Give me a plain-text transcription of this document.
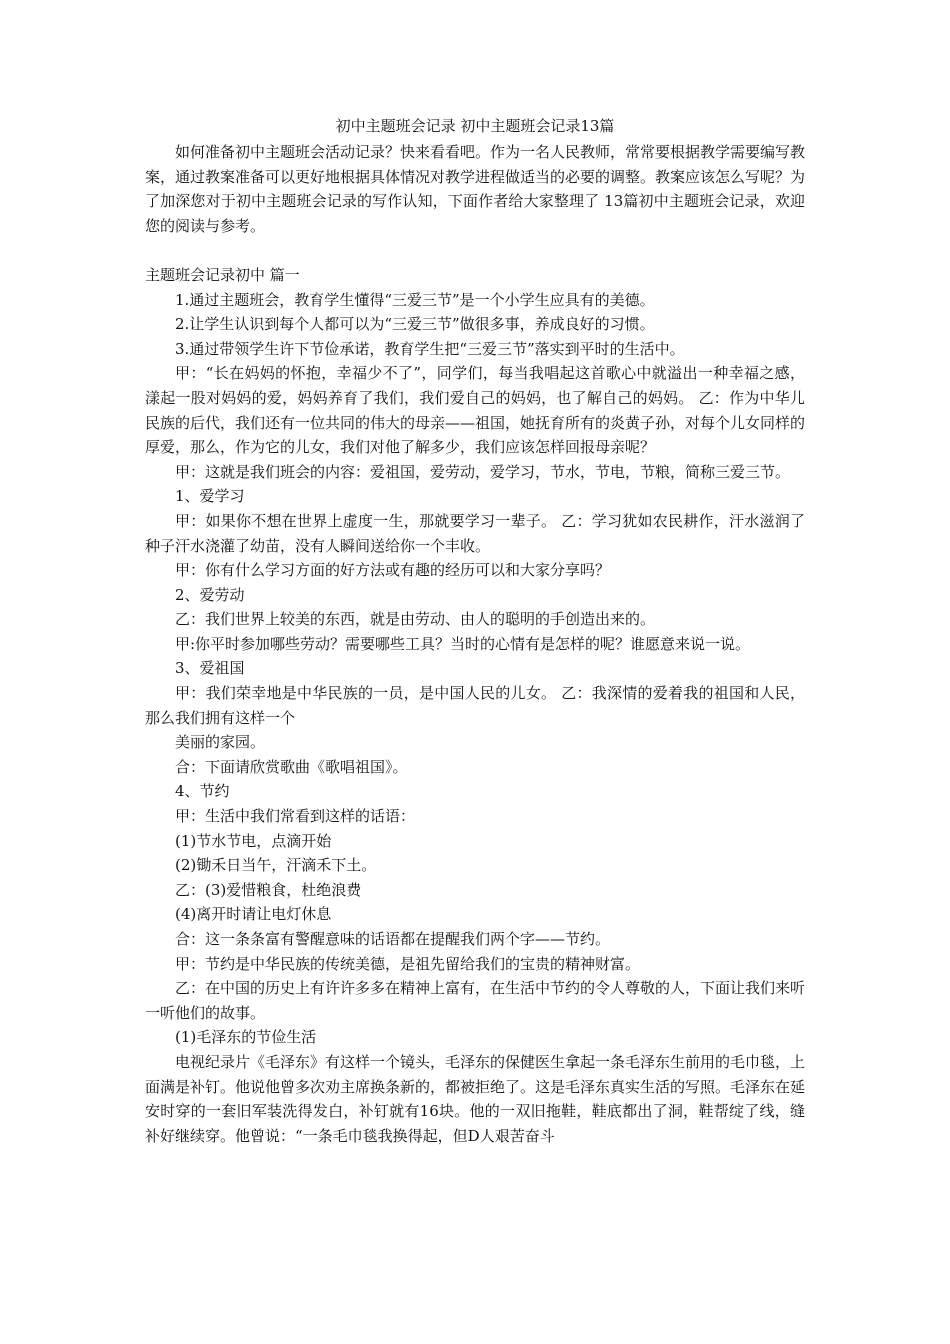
初中主题班会记录 初中主题班会记录13篇

如何准备初中主题班会活动记录？快来看看吧。作为一名人民教师，常常要根据教学需要编写教案，通过教案准备可以更好地根据具体情况对教学进程做适当的必要的调整。教案应该怎么写呢？为了加深您对于初中主题班会记录的写作认知，下面作者给大家整理了 13篇初中主题班会记录，欢迎您的阅读与参考。

主题班会记录初中 篇一

1.通过主题班会，教育学生懂得“三爱三节”是一个小学生应具有的美德。

2.让学生认识到每个人都可以为“三爱三节”做很多事，养成良好的习惯。

3.通过带领学生许下节俭承诺，教育学生把“三爱三节”落实到平时的生活中。

甲：“长在妈妈的怀抱，幸福少不了”，同学们，每当我唱起这首歌心中就溢出一种幸福之感，漾起一股对妈妈的爱，妈妈养育了我们，我们爱自己的妈妈，也了解自己的妈妈。 乙：作为中华儿民族的后代，我们还有一位共同的伟大的母亲——祖国，她抚育所有的炎黄子孙，对每个儿女同样的厚爱，那么，作为它的儿女，我们对他了解多少，我们应该怎样回报母亲呢？

甲：这就是我们班会的内容：爱祖国，爱劳动，爱学习，节水，节电，节粮，简称三爱三节。

1、爱学习

甲：如果你不想在世界上虚度一生，那就要学习一辈子。 乙：学习犹如农民耕作，汗水滋润了种子汗水浇灌了幼苗，没有人瞬间送给你一个丰收。

甲：你有什么学习方面的好方法或有趣的经历可以和大家分享吗？

2、爱劳动

乙：我们世界上较美的东西，就是由劳动、由人的聪明的手创造出来的。

甲:你平时参加哪些劳动？需要哪些工具？当时的心情有是怎样的呢？谁愿意来说一说。

3、爱祖国

甲：我们荣幸地是中华民族的一员，是中国人民的儿女。 乙：我深情的爱着我的祖国和人民，那么我们拥有这样一个

美丽的家园。

合：下面请欣赏歌曲《歌唱祖国》。

4、节约

甲：生活中我们常看到这样的话语：

(1)节水节电，点滴开始

(2)锄禾日当午，汗滴禾下土。

乙：(3)爱惜粮食，杜绝浪费

(4)离开时请让电灯休息

合：这一条条富有警醒意味的话语都在提醒我们两个字——节约。

甲：节约是中华民族的传统美德，是祖先留给我们的宝贵的精神财富。

乙：在中国的历史上有许许多多在精神上富有，在生活中节约的令人尊敬的人，下面让我们来听一听他们的故事。

(1)毛泽东的节俭生活

电视纪录片《毛泽东》有这样一个镜头，毛泽东的保健医生拿起一条毛泽东生前用的毛巾毯，上面满是补钉。他说他曾多次劝主席换条新的，都被拒绝了。这是毛泽东真实生活的写照。毛泽东在延安时穿的一套旧军装洗得发白，补钉就有16块。他的一双旧拖鞋，鞋底都出了洞，鞋帮绽了线，缝补好继续穿。他曾说：“一条毛巾毯我换得起，但D人艰苦奋斗
